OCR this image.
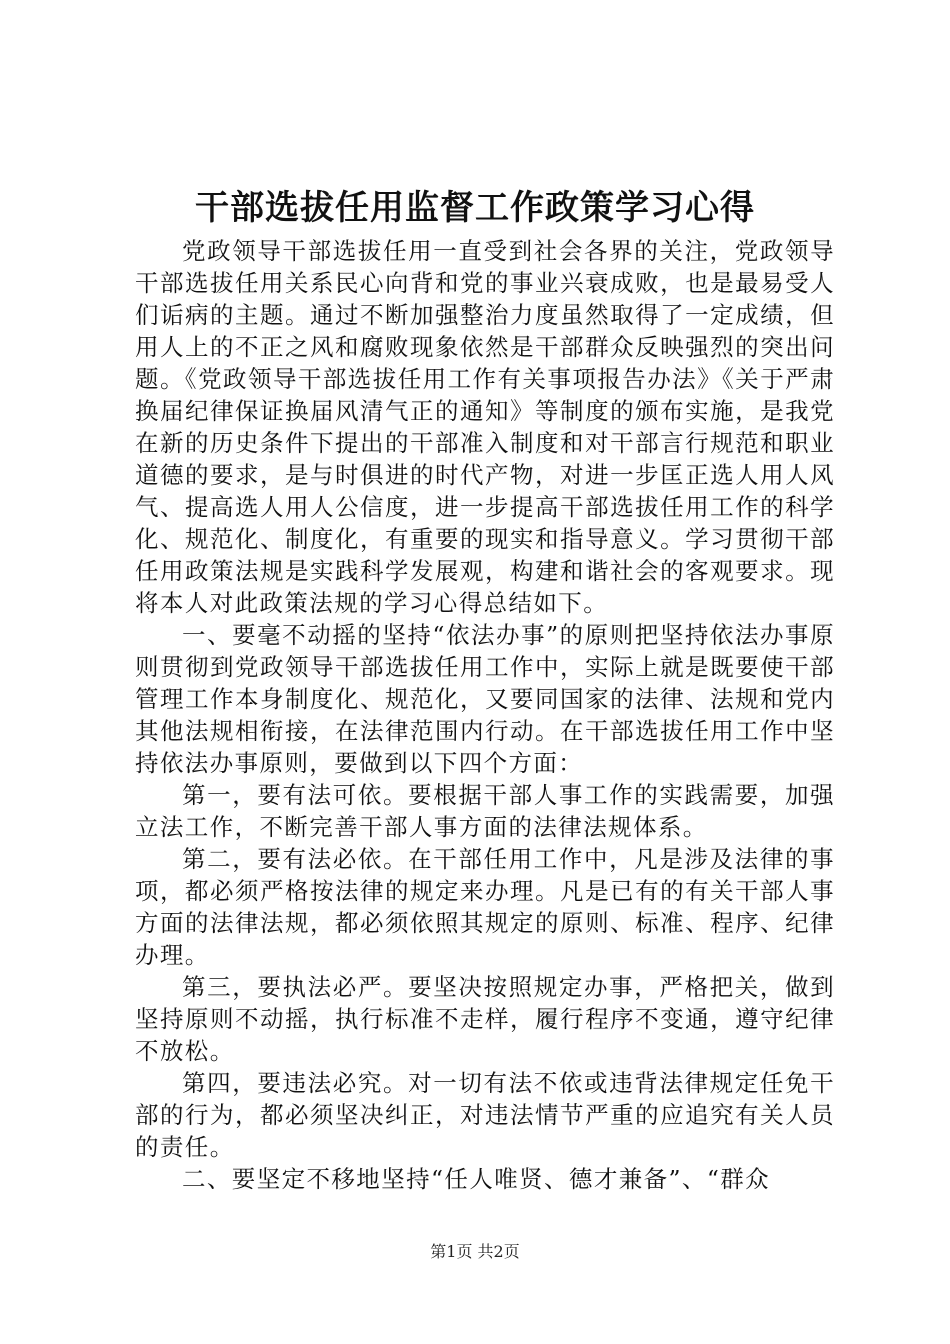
干部选拔任用监督工作政策学习心得

党政领导干部选拔任用一直受到社会各界的关注，党政领导干部选拔任用关系民心向背和党的事业兴衰成败，也是最易受人们诟病的主题。通过不断加强整治力度虽然取得了一定成绩，但用人上的不正之风和腐败现象依然是干部群众反映强烈的突出问题。《党政领导干部选拔任用工作有关事项报告办法》《关于严肃换届纪律保证换届风清气正的通知》等制度的颁布实施，是我党在新的历史条件下提出的干部准入制度和对干部言行规范和职业道德的要求，是与时俱进的时代产物，对进一步匡正选人用人风气、提高选人用人公信度，进一步提高干部选拔任用工作的科学化、规范化、制度化，有重要的现实和指导意义。学习贯彻干部任用政策法规是实践科学发展观，构建和谐社会的客观要求。现将本人对此政策法规的学习心得总结如下。

一、要毫不动摇的坚持“依法办事”的原则把坚持依法办事原则贯彻到党政领导干部选拔任用工作中，实际上就是既要使干部管理工作本身制度化、规范化，又要同国家的法律、法规和党内其他法规相衔接，在法律范围内行动。在干部选拔任用工作中坚持依法办事原则，要做到以下四个方面：

第一，要有法可依。要根据干部人事工作的实践需要，加强立法工作，不断完善干部人事方面的法律法规体系。

第二，要有法必依。在干部任用工作中，凡是涉及法律的事项，都必须严格按法律的规定来办理。凡是已有的有关干部人事方面的法律法规，都必须依照其规定的原则、标准、程序、纪律办理。

第三，要执法必严。要坚决按照规定办事，严格把关，做到坚持原则不动摇，执行标准不走样，履行程序不变通，遵守纪律不放松。

第四，要违法必究。对一切有法不依或违背法律规定任免干部的行为，都必须坚决纠正，对违法情节严重的应追究有关人员的责任。

二、要坚定不移地坚持“任人唯贤、德才兼备”、“群众

第1页 共2页
